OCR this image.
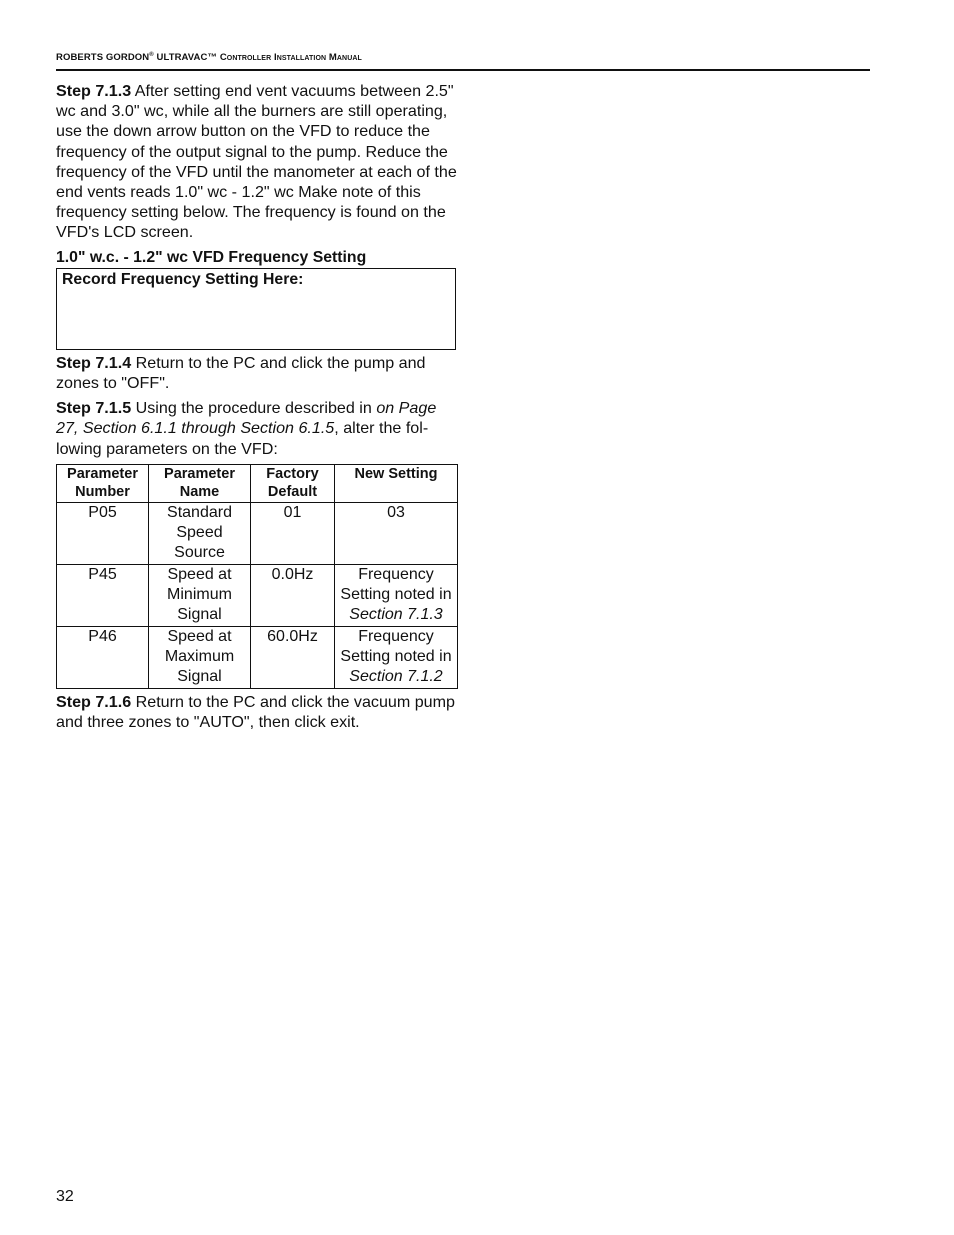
ROBERTS GORDON® ULTRAVAC™ Controller Installation Manual

Step 7.1.3 After setting end vent vacuums between 2.5" wc and 3.0" wc, while all the burners are still operating, use the down arrow button on the VFD to reduce the frequency of the output signal to the pump. Reduce the frequency of the VFD until the manometer at each of the end vents reads 1.0" wc - 1.2" wc Make note of this frequency setting below. The frequency is found on the VFD's LCD screen.

1.0" w.c. - 1.2" wc VFD Frequency Setting

Record Frequency Setting Here:

Step 7.1.4 Return to the PC and click the pump and zones to "OFF".

Step 7.1.5 Using the procedure described in on Page 27, Section 6.1.1 through Section 6.1.5, alter the fol-lowing parameters on the VFD:

Parameter Number	Parameter Name	Factory Default	New Setting
P05	Standard Speed Source	01	03
P45	Speed at Minimum Signal	0.0Hz	Frequency Setting noted in Section 7.1.3
P46	Speed at Maximum Signal	60.0Hz	Frequency Setting noted in Section 7.1.2

Step 7.1.6 Return to the PC and click the vacuum pump and three zones to "AUTO", then click exit.

32
